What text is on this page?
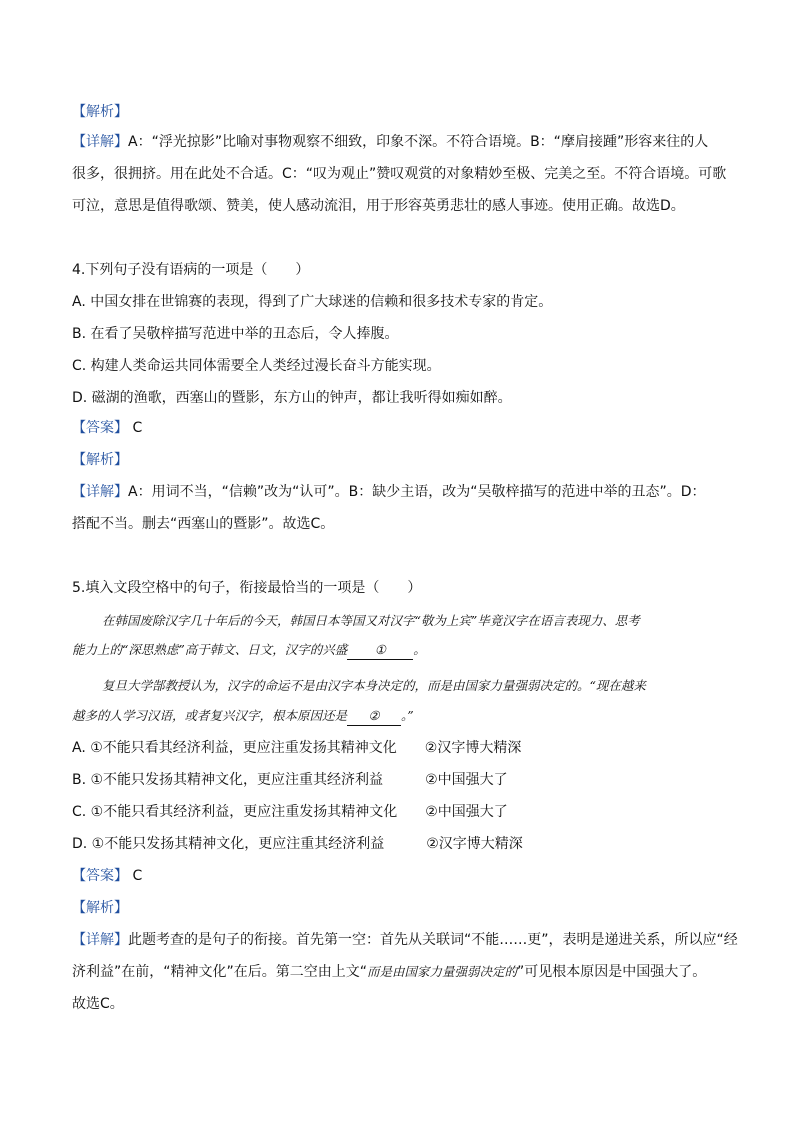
【解析】
【详解】A：“浮光掠影”比喻对事物观察不细致，印象不深。不符合语境。B：“摩肩接踵”形容来往的人
很多，很拥挤。用在此处不合适。C：“叹为观止”赞叹观赏的对象精妙至极、完美之至。不符合语境。可歌
可泣，意思是值得歌颂、赞美，使人感动流泪，用于形容英勇悲壮的感人事迹。使用正确。故选D。
4.下列句子没有语病的一项是（　　）
A. 中国女排在世锦赛的表现，得到了广大球迷的信赖和很多技术专家的肯定。
B. 在看了吴敬梓描写范进中举的丑态后，令人捧腹。
C. 构建人类命运共同体需要全人类经过漫长奋斗方能实现。
D. 磁湖的渔歌，西塞山的暨影，东方山的钟声，都让我听得如痴如醉。
【答案】 C
【解析】
【详解】A：用词不当，“信赖”改为“认可”。B：缺少主语，改为“吴敬梓描写的范进中举的丑态”。D：
搭配不当。删去“西塞山的暨影”。故选C。
5.填入文段空格中的句子，衔接最恰当的一项是（　　）
在韩国废除汉字几十年后的今天，韩国日本等国又对汉字“敬为上宾”毕竟汉字在语言表现力、思考
能力上的“深思熟虑”高于韩文、日文，汉字的兴盛 ① 。
复旦大学郜教授认为，汉字的命运不是由汉字本身决定的，而是由国家力量强弱决定的。“现在越来
越多的人学习汉语，或者复兴汉字，根本原因还是 ② 。”
A. ①不能只看其经济利益，更应注重发扬其精神文化 ②汉字博大精深
B. ①不能只发扬其精神文化，更应注重其经济利益	②中国强大了
C. ①不能只看其经济利益，更应注重发扬其精神文化 ②中国强大了
D. ①不能只发扬其精神文化，更应注重其经济利益	②汉字博大精深
【答案】 C
【解析】
【详解】此题考查的是句子的衔接。首先第一空：首先从关联词“不能……更”，表明是递进关系，所以应“经
济利益”在前，“精神文化”在后。第二空由上文“而是由国家力量强弱决定的”可见根本原因是中国强大了。
故选C。
